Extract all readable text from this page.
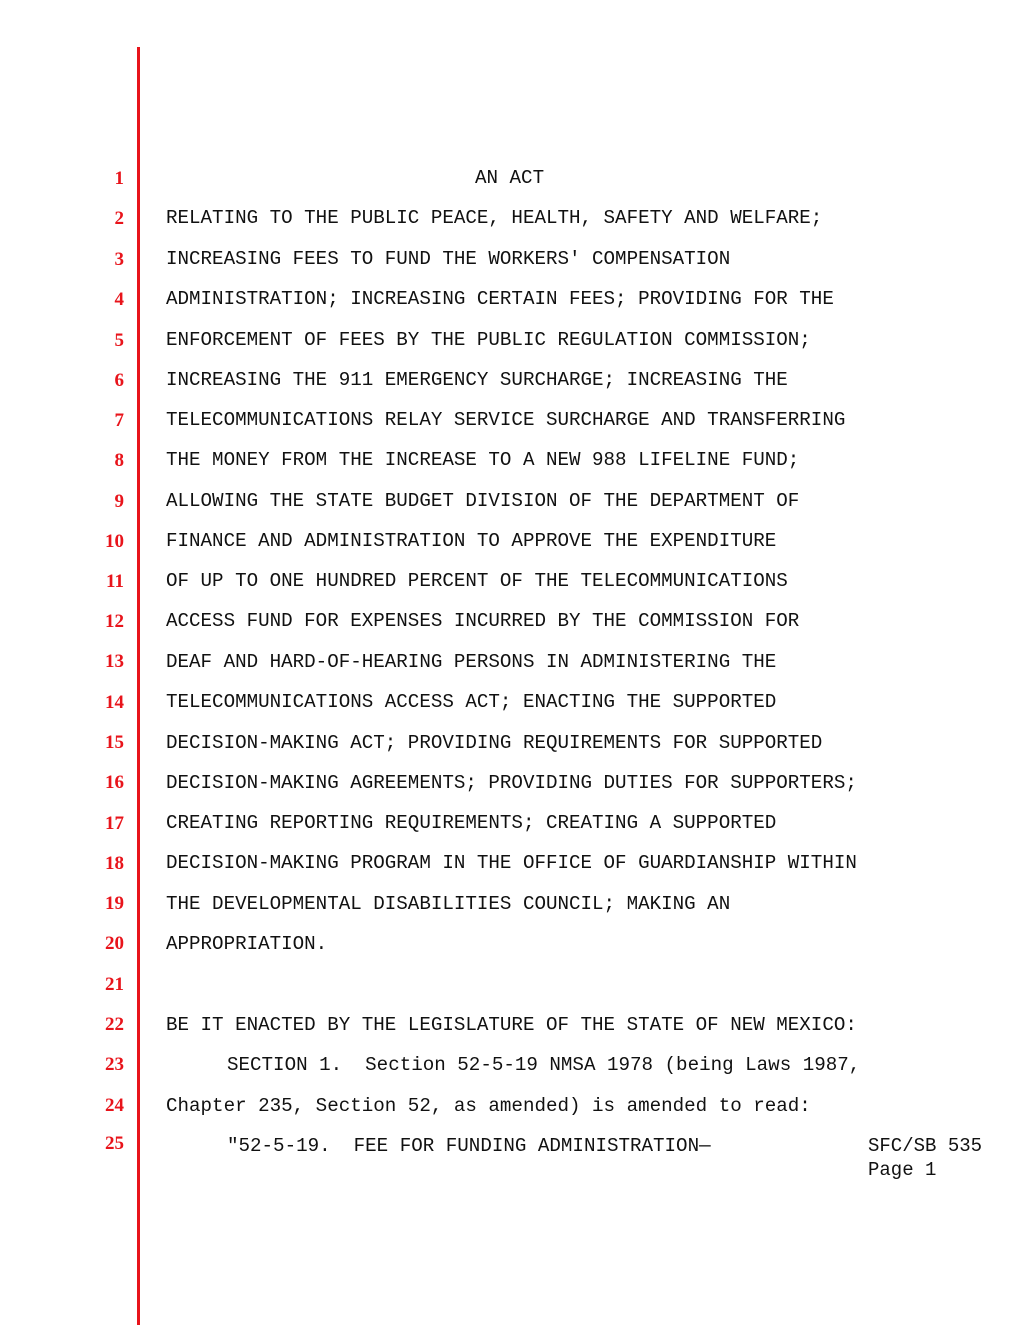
1
2
3
4
5
6
7
8
9
10
11
12
13
14
15
16
17
18
19
20
21
22
23
24
25
AN ACT
RELATING TO THE PUBLIC PEACE, HEALTH, SAFETY AND WELFARE;
INCREASING FEES TO FUND THE WORKERS' COMPENSATION
ADMINISTRATION; INCREASING CERTAIN FEES; PROVIDING FOR THE
ENFORCEMENT OF FEES BY THE PUBLIC REGULATION COMMISSION;
INCREASING THE 911 EMERGENCY SURCHARGE; INCREASING THE
TELECOMMUNICATIONS RELAY SERVICE SURCHARGE AND TRANSFERRING
THE MONEY FROM THE INCREASE TO A NEW 988 LIFELINE FUND;
ALLOWING THE STATE BUDGET DIVISION OF THE DEPARTMENT OF
FINANCE AND ADMINISTRATION TO APPROVE THE EXPENDITURE
OF UP TO ONE HUNDRED PERCENT OF THE TELECOMMUNICATIONS
ACCESS FUND FOR EXPENSES INCURRED BY THE COMMISSION FOR
DEAF AND HARD-OF-HEARING PERSONS IN ADMINISTERING THE
TELECOMMUNICATIONS ACCESS ACT; ENACTING THE SUPPORTED
DECISION-MAKING ACT; PROVIDING REQUIREMENTS FOR SUPPORTED
DECISION-MAKING AGREEMENTS; PROVIDING DUTIES FOR SUPPORTERS;
CREATING REPORTING REQUIREMENTS; CREATING A SUPPORTED
DECISION-MAKING PROGRAM IN THE OFFICE OF GUARDIANSHIP WITHIN
THE DEVELOPMENTAL DISABILITIES COUNCIL; MAKING AN
APPROPRIATION.
BE IT ENACTED BY THE LEGISLATURE OF THE STATE OF NEW MEXICO:
SECTION 1.  Section 52-5-19 NMSA 1978 (being Laws 1987,
Chapter 235, Section 52, as amended) is amended to read:
"52-5-19.  FEE FOR FUNDING ADMINISTRATION—	SFC/SB 535
Page 1
